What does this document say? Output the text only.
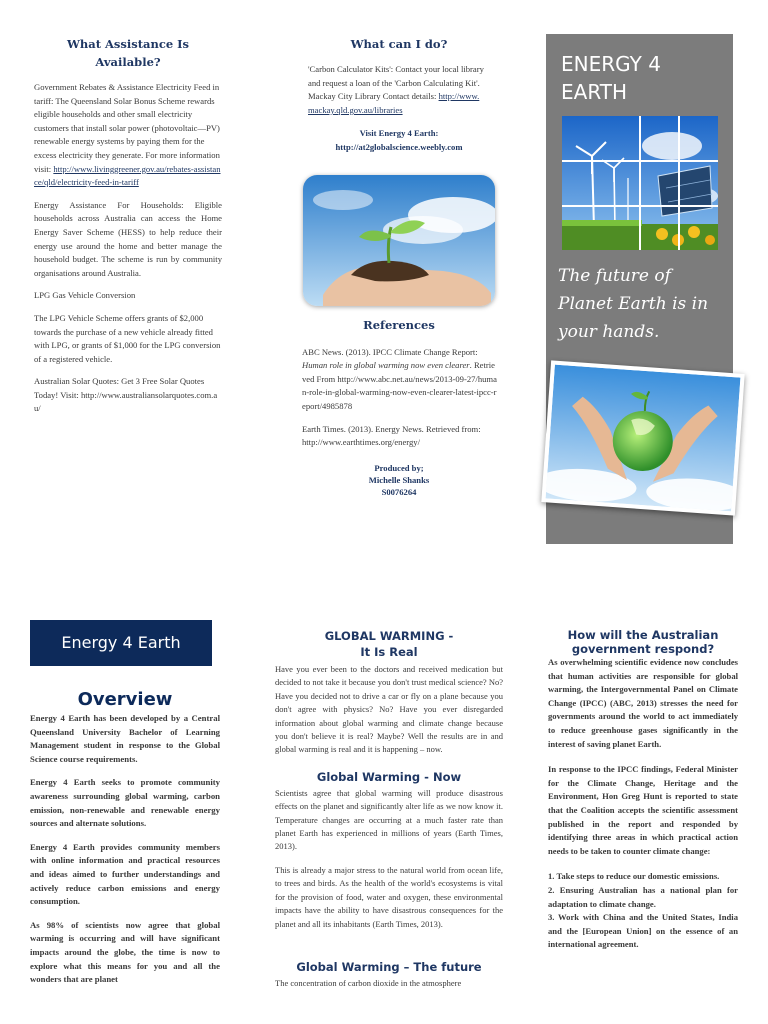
What Assistance Is Available?

Government Rebates & Assistance Electricity Feed in tariff: The Queensland Solar Bonus Scheme rewards eligible households and other small electricity customers that install solar power (photovoltaic—PV) renewable energy systems by paying them for the excess electricity they generate. For more information visit: http://www.livinggreener.gov.au/rebates-assistance/qld/electricity-feed-in-tariff

Energy Assistance For Households: Eligible households across Australia can access the Home Energy Saver Scheme (HESS) to help reduce their energy use around the home and better manage the household budget. The scheme is run by community organisations around Australia.

LPG Gas Vehicle Conversion

The LPG Vehicle Scheme offers grants of $2,000 towards the purchase of a new vehicle already fitted with LPG, or grants of $1,000 for the LPG conversion of a registered vehicle.

Australian Solar Quotes: Get 3 Free Solar Quotes Today! Visit: http://www.australiansolarquotes.com.au/

What can I do?

'Carbon Calculator Kits': Contact your local library and request a loan of the 'Carbon Calculating Kit'. Mackay City Library Contact details: http://www.mackay.qld.gov.au/libraries

Visit Energy 4 Earth:

http://at2globalscience.weebly.com

References

ABC News. (2013). IPCC Climate Change Report: Human role in global warming now even clearer. Retrieved From http://www.abc.net.au/news/2013-09-27/human-role-in-global-warming-now-even-clearer-latest-ipcc-report/4985878

Earth Times. (2013). Energy News. Retrieved from: http://www.earthtimes.org/energy/

Produced by;
Michelle Shanks
S0076264
ENERGY 4 EARTH
The future of Planet Earth is in your hands.
Energy 4 Earth
Overview

Energy 4 Earth has been developed by a Central Queensland University Bachelor of Learning Management student in response to the Global Science course requirements.

Energy 4 Earth seeks to promote community awareness surrounding global warming, carbon emission, non-renewable and renewable energy sources and alternate solutions.

Energy 4 Earth provides community members with online information and practical resources and ideas aimed to further understandings and actively reduce carbon emissions and energy consumption.

As 98% of scientists now agree that global warming is occurring and will have significant impacts around the globe, the time is now to explore what this means for you and all the wonders that are planet

GLOBAL WARMING -
It Is Real

Have you ever been to the doctors and received medication but decided to not take it because you don't trust medical science? No? Have you decided not to drive a car or fly on a plane because you don't agree with physics? No? Have you ever disregarded information about global warming and climate change because you don't believe it is real? Maybe? Well the results are in and global warming is real and it is happening – now.

Global Warming - Now

Scientists agree that global warming will produce disastrous effects on the planet and significantly alter life as we now know it. Temperature changes are occurring at a much faster rate than planet Earth has experienced in millions of years (Earth Times, 2013).

This is already a major stress to the natural world from ocean life, to trees and birds. As the health of the world's ecosystems is vital for the provision of food, water and oxygen, these environmental impacts have the ability to have disastrous consequences for the planet and all its inhabitants (Earth Times, 2013).

Global Warming – The future

The concentration of carbon dioxide in the atmosphere

How will the Australian government respond?

As overwhelming scientific evidence now concludes that human activities are responsible for global warming, the Intergovernmental Panel on Climate Change (IPCC) (ABC, 2013) stresses the need for governments around the world to act immediately to reduce greenhouse gases significantly in the interest of saving planet Earth.

In response to the IPCC findings, Federal Minister for the Climate Change, Heritage and the Environment, Hon Greg Hunt is reported to state that the Coalition accepts the scientific assessment published in the report and responded by identifying three areas in which practical action needs to be taken to counter climate change:

1. Take steps to reduce our domestic emissions.

2. Ensuring Australian has a national plan for adaptation to climate change.

3. Work with China and the United States, India and the [European Union] on the essence of an international agreement.
